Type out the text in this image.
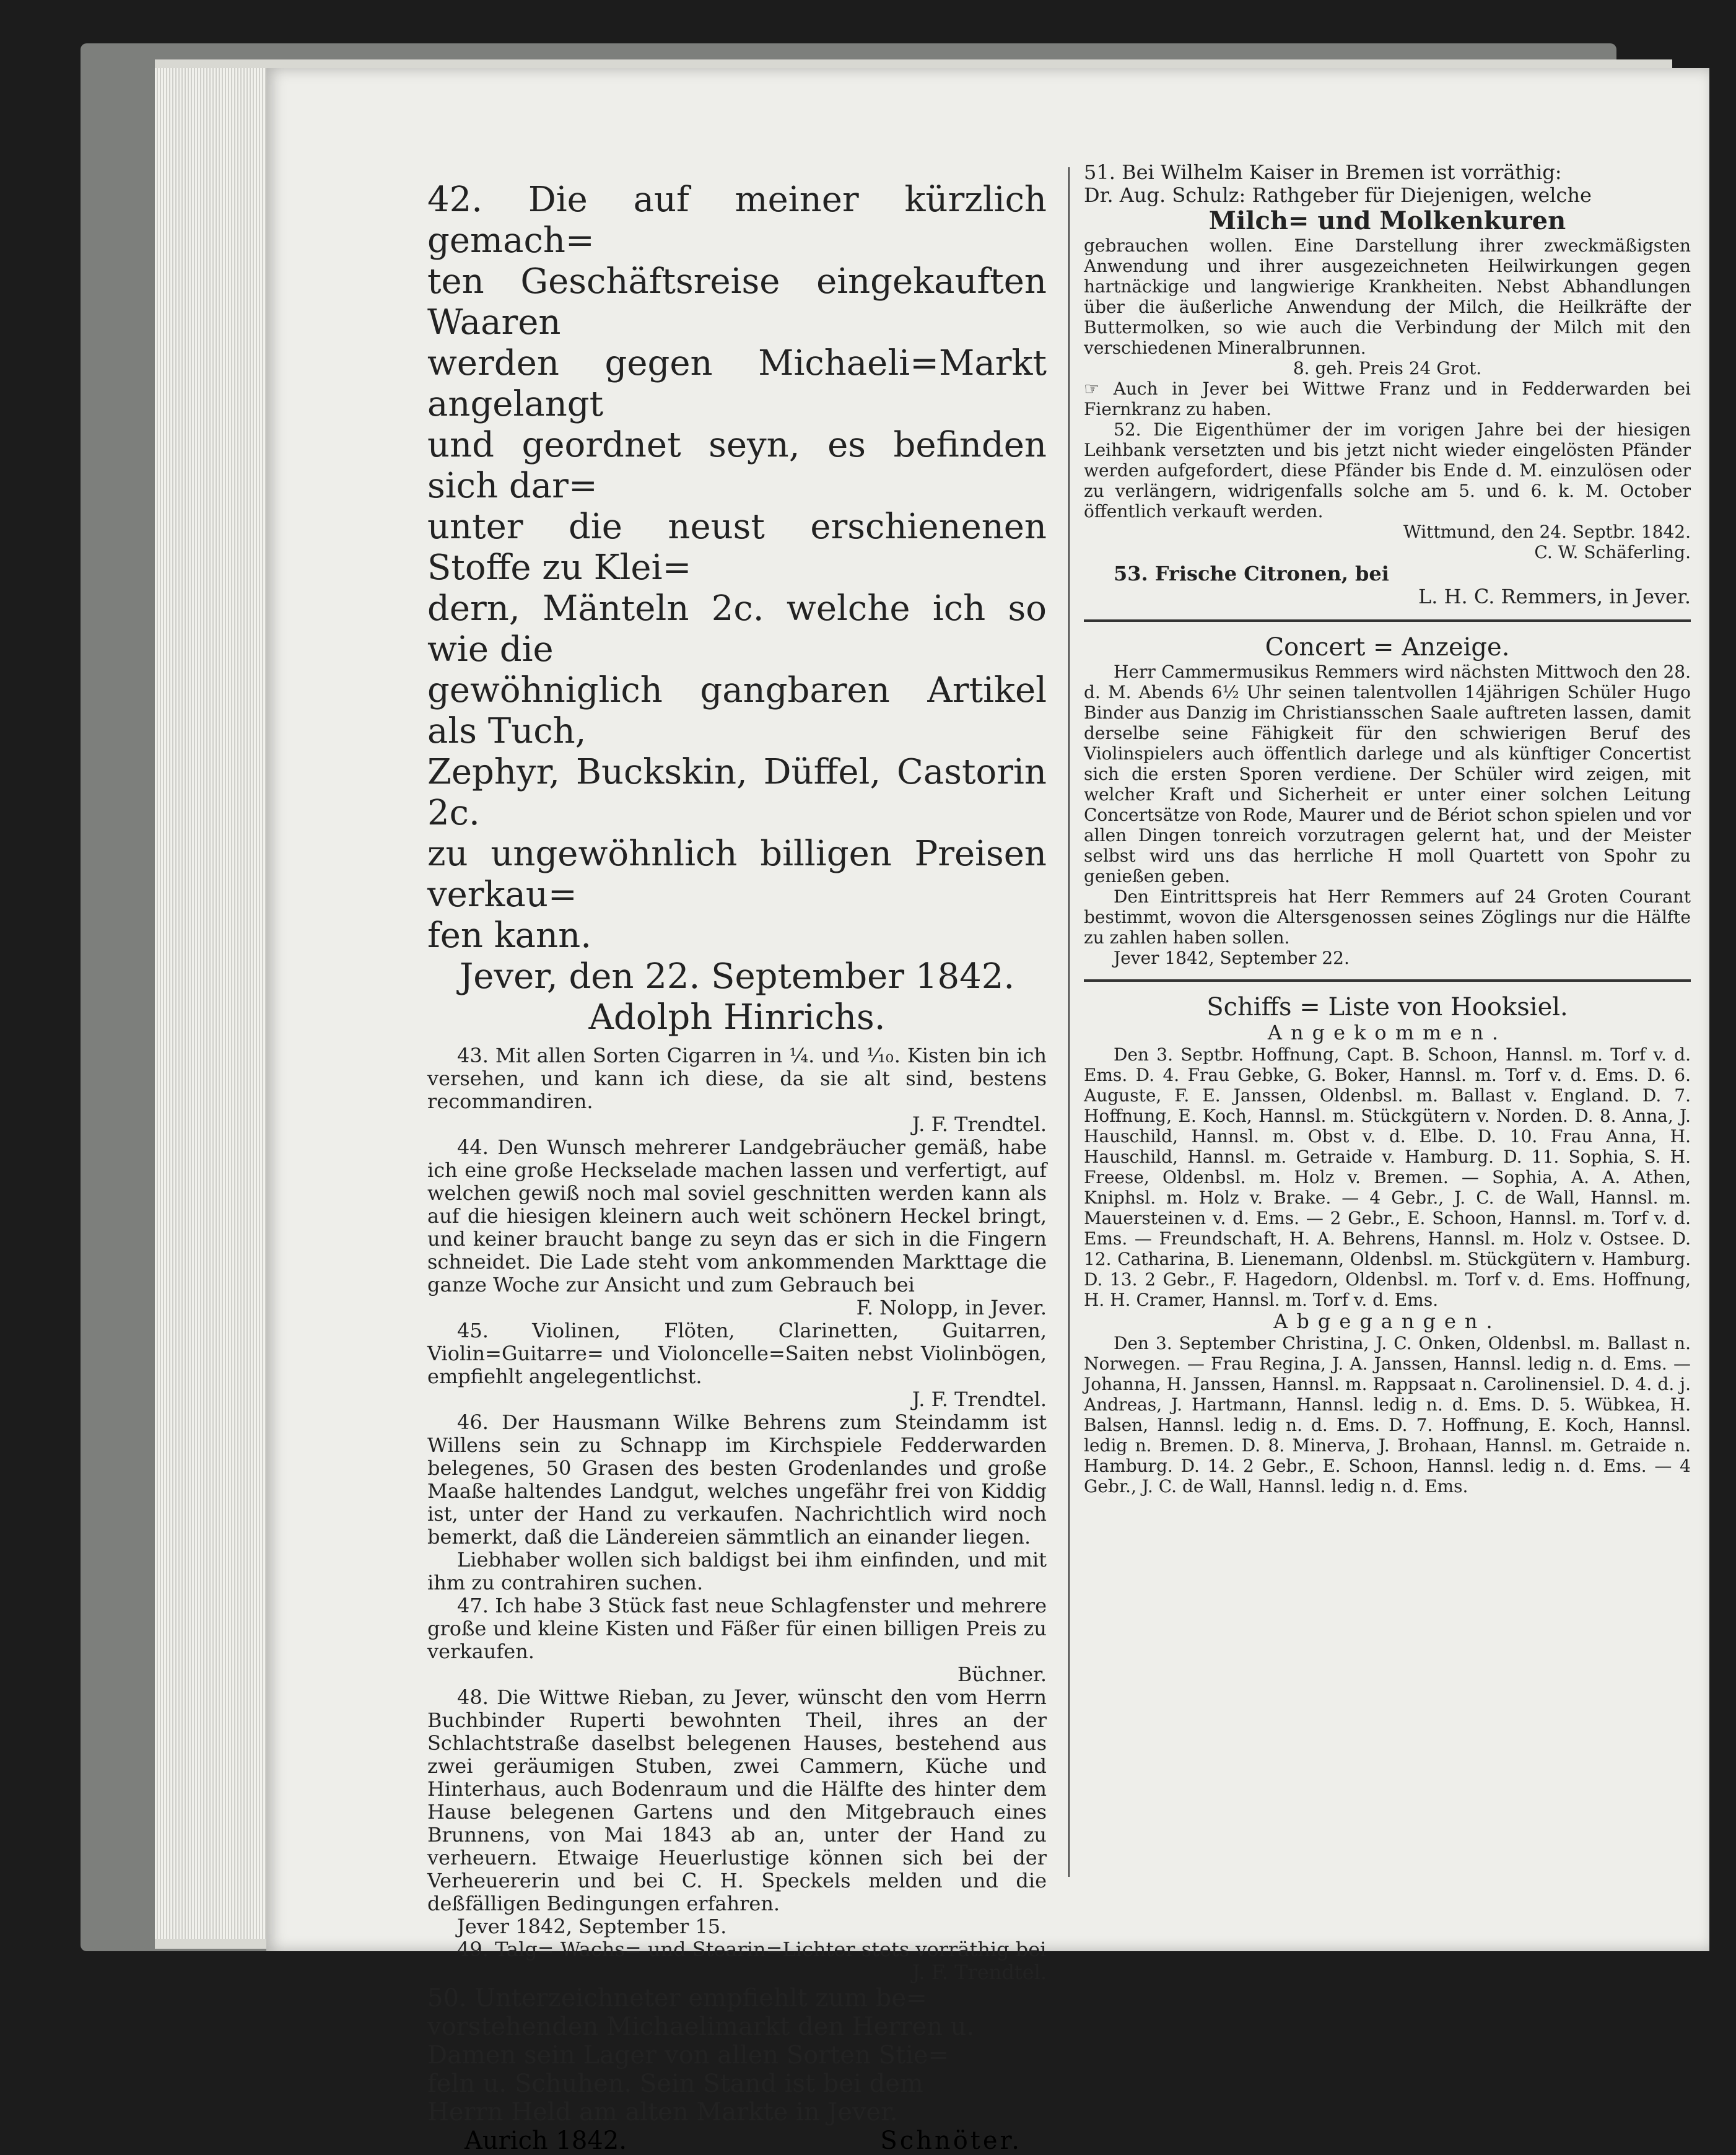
42. Die auf meiner kürzlich gemach=

ten Geschäftsreise eingekauften Waaren

werden gegen Michaeli=Markt angelangt

und geordnet seyn, es befinden sich dar=

unter die neust erschienenen Stoffe zu Klei=

dern, Mänteln 2c. welche ich so wie die

gewöhniglich gangbaren Artikel als Tuch,

Zephyr, Buckskin, Düffel, Castorin 2c.

zu ungewöhnlich billigen Preisen verkau=

fen kann.

Jever, den 22. September 1842.

Adolph Hinrichs.

43. Mit allen Sorten Cigarren in ¼. und ⅒. Kisten bin ich versehen, und kann ich diese, da sie alt sind, bestens recommandiren.

J. F. Trendtel.

44. Den Wunsch mehrerer Landgebräucher gemäß, habe ich eine große Heckselade machen lassen und verfertigt, auf welchen gewiß noch mal soviel geschnitten werden kann als auf die hiesigen kleinern auch weit schönern Heckel bringt, und keiner braucht bange zu seyn das er sich in die Fingern schneidet. Die Lade steht vom ankommenden Markttage die ganze Woche zur Ansicht und zum Gebrauch bei

F. Nolopp, in Jever.

45. Violinen, Flöten, Clarinetten, Guitarren, Violin=Guitarre= und Violoncelle=Saiten nebst Violinbögen, empfiehlt angelegentlichst.

J. F. Trendtel.

46. Der Hausmann Wilke Behrens zum Steindamm ist Willens sein zu Schnapp im Kirchspiele Fedderwarden belegenes, 50 Grasen des besten Grodenlandes und große Maaße haltendes Landgut, welches ungefähr frei von Kiddig ist, unter der Hand zu verkaufen. Nachrichtlich wird noch bemerkt, daß die Ländereien sämmtlich an einander liegen.

Liebhaber wollen sich baldigst bei ihm einfinden, und mit ihm zu contrahiren suchen.

47. Ich habe 3 Stück fast neue Schlagfenster und mehrere große und kleine Kisten und Fäßer für einen billigen Preis zu verkaufen.

Büchner.

48. Die Wittwe Rieban, zu Jever, wünscht den vom Herrn Buchbinder Ruperti bewohnten Theil, ihres an der Schlachtstraße daselbst belegenen Hauses, bestehend aus zwei geräumigen Stuben, zwei Cammern, Küche und Hinterhaus, auch Bodenraum und die Hälfte des hinter dem Hause belegenen Gartens und den Mitgebrauch eines Brunnens, von Mai 1843 ab an, unter der Hand zu verheuern. Etwaige Heuerlustige können sich bei der Verheuererin und bei C. H. Speckels melden und die deßfälligen Bedingungen erfahren.

Jever 1842, September 15.

49. Talg= Wachs= und Stearin=Lichter stets vorräthig bei

J. F. Trendtel.

50. Unterzeichneter empfiehlt zum be=

vorstehenden Michaelimarkt den Herren u.

Damen sein Lager von allen Sorten Stie=

feln u. Schuhen. Sein Stand ist bei dem

Herrn Held am alten Markte in Jever.

Aurich 1842.	Schnöter.

51. Bei Wilhelm Kaiser in Bremen ist vorräthig:

Dr. Aug. Schulz: Rathgeber für Diejenigen, welche

Milch= und Molkenkuren

gebrauchen wollen. Eine Darstellung ihrer zweckmäßigsten Anwendung und ihrer ausgezeichneten Heilwirkungen gegen hartnäckige und langwierige Krankheiten. Nebst Abhandlungen über die äußerliche Anwendung der Milch, die Heilkräfte der Buttermolken, so wie auch die Verbindung der Milch mit den verschiedenen Mineralbrunnen.

8. geh. Preis 24 Grot.

☞ Auch in Jever bei Wittwe Franz und in Fedderwarden bei Fiernkranz zu haben.

52. Die Eigenthümer der im vorigen Jahre bei der hiesigen Leihbank versetzten und bis jetzt nicht wieder eingelösten Pfänder werden aufgefordert, diese Pfänder bis Ende d. M. einzulösen oder zu verlängern, widrigenfalls solche am 5. und 6. k. M. October öffentlich verkauft werden.

Wittmund, den 24. Septbr. 1842.

C. W. Schäferling.

53. Frische Citronen, bei

L. H. C. Remmers, in Jever.

Concert = Anzeige.

Herr Cammermusikus Remmers wird nächsten Mittwoch den 28. d. M. Abends 6½ Uhr seinen talentvollen 14jährigen Schüler Hugo Binder aus Danzig im Christiansschen Saale auftreten lassen, damit derselbe seine Fähigkeit für den schwierigen Beruf des Violinspielers auch öffentlich darlege und als künftiger Concertist sich die ersten Sporen verdiene. Der Schüler wird zeigen, mit welcher Kraft und Sicherheit er unter einer solchen Leitung Concertsätze von Rode, Maurer und de Bériot schon spielen und vor allen Dingen tonreich vorzutragen gelernt hat, und der Meister selbst wird uns das herrliche H moll Quartett von Spohr zu genießen geben.

Den Eintrittspreis hat Herr Remmers auf 24 Groten Courant bestimmt, wovon die Altersgenossen seines Zöglings nur die Hälfte zu zahlen haben sollen.

Jever 1842, September 22.

Schiffs = Liste von Hooksiel.

Angekommen.

Den 3. Septbr. Hoffnung, Capt. B. Schoon, Hannsl. m. Torf v. d. Ems. D. 4. Frau Gebke, G. Boker, Hannsl. m. Torf v. d. Ems. D. 6. Auguste, F. E. Janssen, Oldenbsl. m. Ballast v. England. D. 7. Hoffnung, E. Koch, Hannsl. m. Stückgütern v. Norden. D. 8. Anna, J. Hauschild, Hannsl. m. Obst v. d. Elbe. D. 10. Frau Anna, H. Hauschild, Hannsl. m. Getraide v. Hamburg. D. 11. Sophia, S. H. Freese, Oldenbsl. m. Holz v. Bremen. — Sophia, A. A. Athen, Kniphsl. m. Holz v. Brake. — 4 Gebr., J. C. de Wall, Hannsl. m. Mauersteinen v. d. Ems. — 2 Gebr., E. Schoon, Hannsl. m. Torf v. d. Ems. — Freundschaft, H. A. Behrens, Hannsl. m. Holz v. Ostsee. D. 12. Catharina, B. Lienemann, Oldenbsl. m. Stückgütern v. Hamburg. D. 13. 2 Gebr., F. Hagedorn, Oldenbsl. m. Torf v. d. Ems. Hoffnung, H. H. Cramer, Hannsl. m. Torf v. d. Ems.

Abgegangen.

Den 3. September Christina, J. C. Onken, Oldenbsl. m. Ballast n. Norwegen. — Frau Regina, J. A. Janssen, Hannsl. ledig n. d. Ems. — Johanna, H. Janssen, Hannsl. m. Rappsaat n. Carolinensiel. D. 4. d. j. Andreas, J. Hartmann, Hannsl. ledig n. d. Ems. D. 5. Wübkea, H. Balsen, Hannsl. ledig n. d. Ems. D. 7. Hoffnung, E. Koch, Hannsl. ledig n. Bremen. D. 8. Minerva, J. Brohaan, Hannsl. m. Getraide n. Hamburg. D. 14. 2 Gebr., E. Schoon, Hannsl. ledig n. d. Ems. — 4 Gebr., J. C. de Wall, Hannsl. ledig n. d. Ems.
